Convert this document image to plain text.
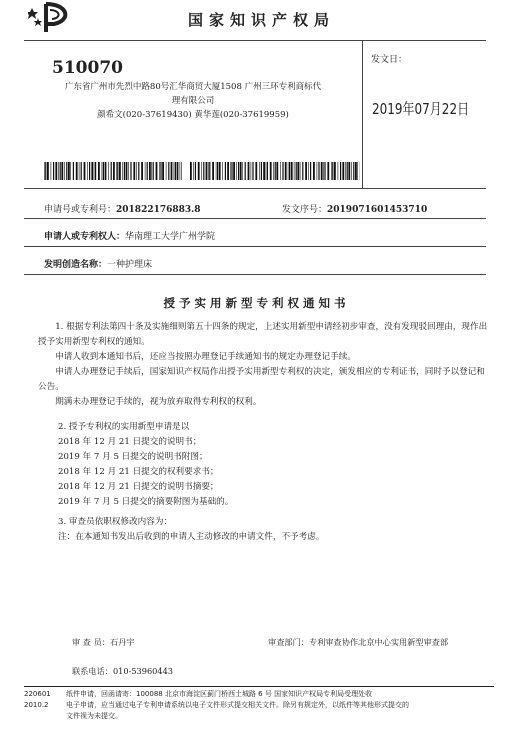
国家知识产权局
510070
广东省广州市先烈中路80号汇华商贸大厦1508 广州三环专利商标代
理有限公司
颜希文(020-37619430) 黄华莲(020-37619959)
发文日：
2019年07月22日
申请号或专利号：201822176883.8	发文序号：2019071601453710
申请人或专利权人：华南理工大学广州学院
发明创造名称：一种护理床
授予实用新型专利权通知书

1. 根据专利法第四十条及实施细则第五十四条的规定，上述实用新型申请经初步审查，没有发现驳回理由，现作出授予实用新型专利权的通知。

申请人收到本通知书后，还应当按照办理登记手续通知书的规定办理登记手续。

申请人办理登记手续后，国家知识产权局作出授予实用新型专利权的决定，颁发相应的专利证书，同时予以登记和公告。

期满未办理登记手续的，视为放弃取得专利权的权利。

2. 授予专利权的实用新型申请是以

2018 年 12 月 21 日提交的说明书；

2019 年 7 月 5 日提交的说明书附图；

2018 年 12 月 21 日提交的权利要求书；

2018 年 12 月 21 日提交的说明书摘要；

2019 年 7 月 5 日提交的摘要附图为基础的。

3. 审查员依职权修改内容为：

注：在本通知书发出后收到的申请人主动修改的申请文件，不予考虑。

审 查 员：石丹宇	审查部门：专利审查协作北京中心实用新型审查部
联系电话：010-53960443
220601
2010.2
纸件申请，回函请寄：100088 北京市海淀区蓟门桥西土城路 6 号 国家知识产权局专利局受理处收
电子申请，应当通过电子专利申请系统以电子文件形式提交相关文件。除另有规定外，以纸件等其他形式提交的
文件视为未提交。
